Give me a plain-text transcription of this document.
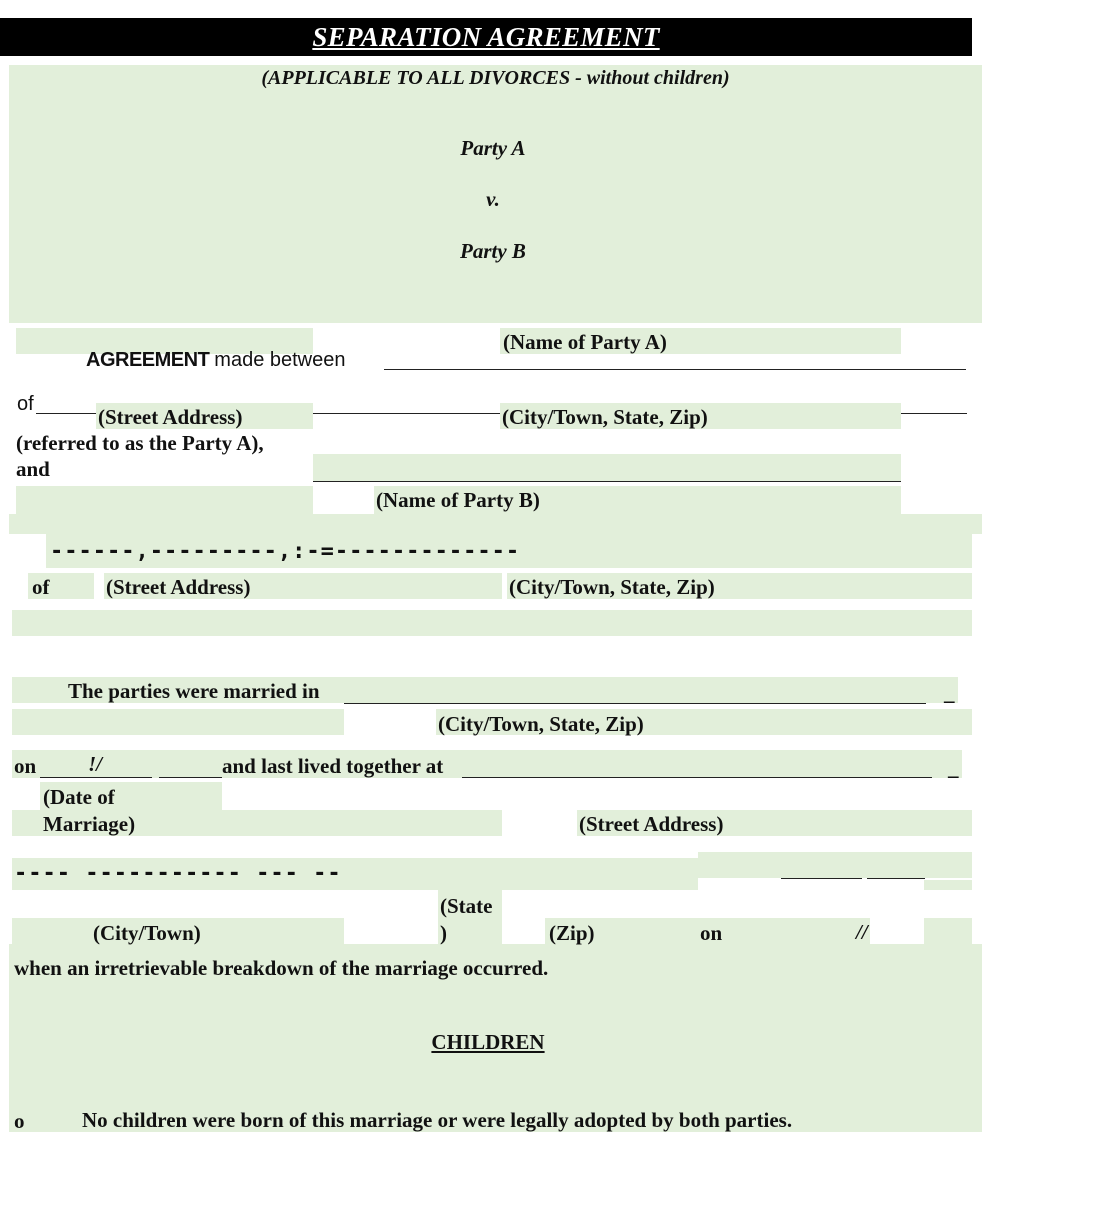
SEPARATION AGREEMENT
(APPLICABLE TO ALL DIVORCES - without children)
Party A
v.
Party B
(Name of Party A)
AGREEMENT made between
of
(Street Address)	(City/Town, State, Zip)
(referred to as the Party A),
and
(Name of Party B)
------,---------,:-=-------------
of	(Street Address)	(City/Town, State, Zip)
The parties were married in	_
(City/Town, State, Zip)
on !/	and last lived together at	_
(Date of
Marriage)	(Street Address)
---- ----------- --- --
(State
)
(City/Town)	(Zip)	on	//
when an irretrievable breakdown of the marriage occurred.
CHILDREN
o	No children were born of this marriage or were legally adopted by both parties.
